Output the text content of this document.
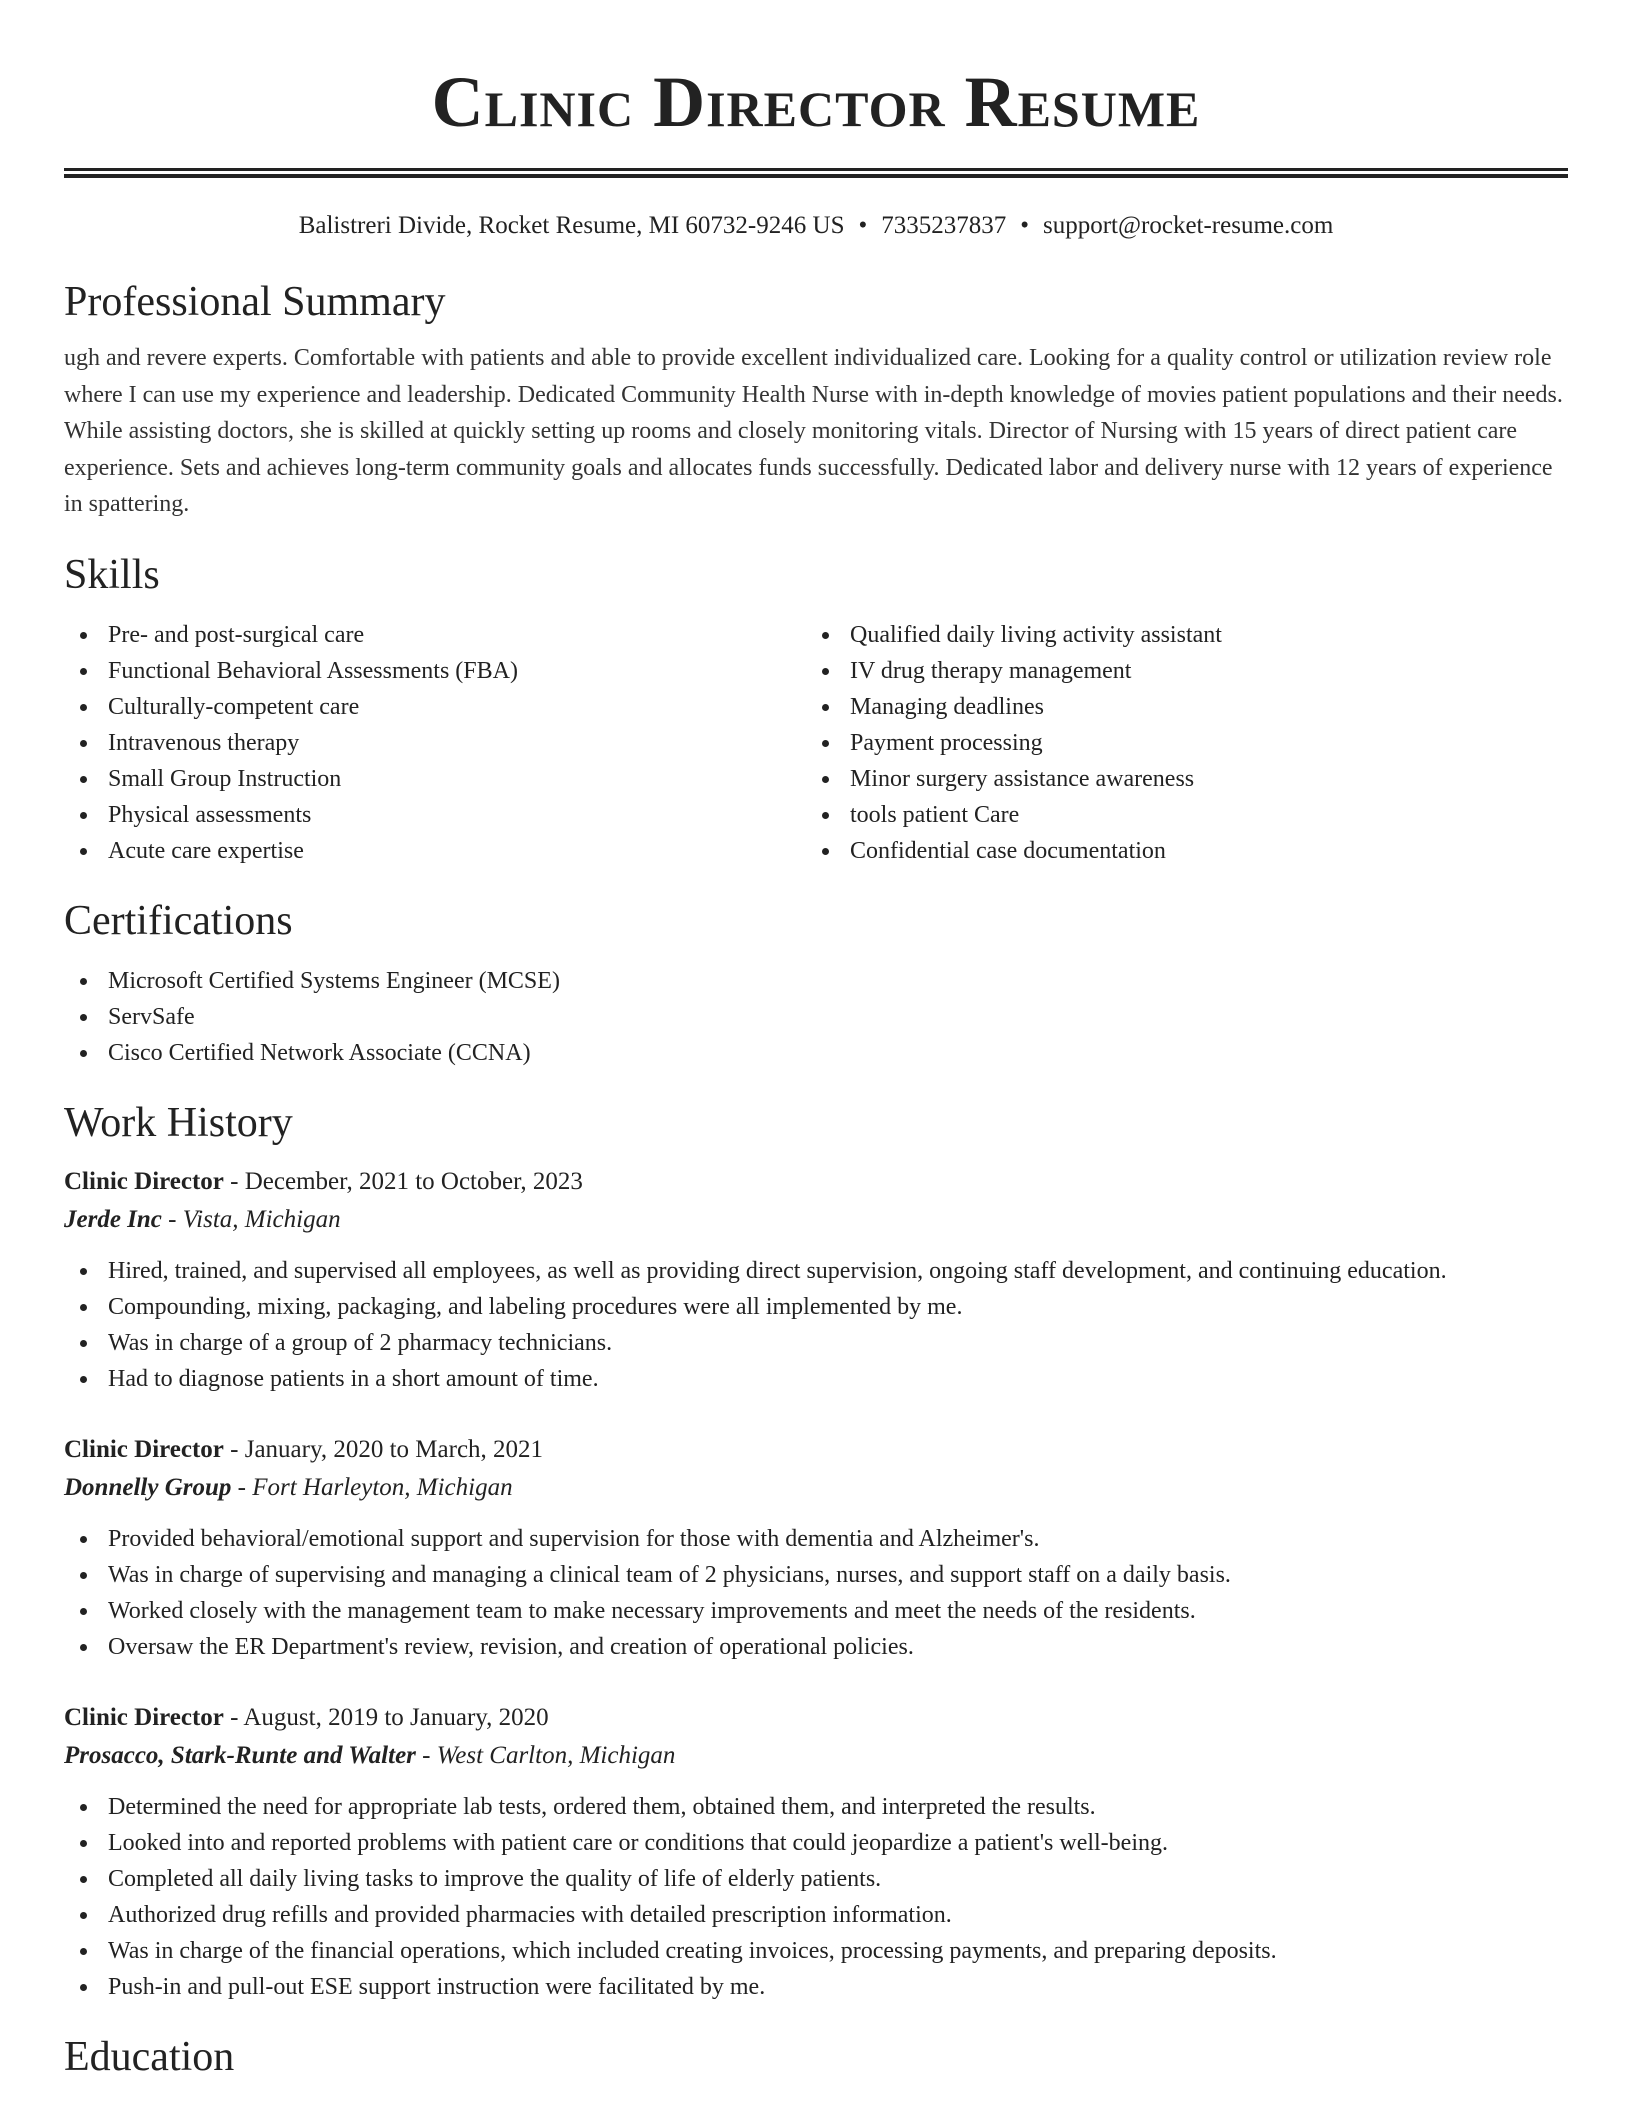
Clinic Director Resume
Balistreri Divide, Rocket Resume, MI 60732-9246 US • 7335237837 • support@rocket-resume.com
Professional Summary

ugh and revere experts. Comfortable with patients and able to provide excellent individualized care. Looking for a quality control or utilization review role where I can use my experience and leadership. Dedicated Community Health Nurse with in-depth knowledge of movies patient populations and their needs. While assisting doctors, she is skilled at quickly setting up rooms and closely monitoring vitals. Director of Nursing with 15 years of direct patient care experience. Sets and achieves long-term community goals and allocates funds successfully. Dedicated labor and delivery nurse with 12 years of experience in spattering.

Skills
Pre- and post-surgical care
Functional Behavioral Assessments (FBA)
Culturally-competent care
Intravenous therapy
Small Group Instruction
Physical assessments
Acute care expertise
Qualified daily living activity assistant
IV drug therapy management
Managing deadlines
Payment processing
Minor surgery assistance awareness
tools patient Care
Confidential case documentation
Certifications
Microsoft Certified Systems Engineer (MCSE)
ServSafe
Cisco Certified Network Associate (CCNA)
Work History
Clinic Director - December, 2021 to October, 2023
Jerde Inc - Vista, Michigan
Hired, trained, and supervised all employees, as well as providing direct supervision, ongoing staff development, and continuing education.
Compounding, mixing, packaging, and labeling procedures were all implemented by me.
Was in charge of a group of 2 pharmacy technicians.
Had to diagnose patients in a short amount of time.
Clinic Director - January, 2020 to March, 2021
Donnelly Group - Fort Harleyton, Michigan
Provided behavioral/emotional support and supervision for those with dementia and Alzheimer's.
Was in charge of supervising and managing a clinical team of 2 physicians, nurses, and support staff on a daily basis.
Worked closely with the management team to make necessary improvements and meet the needs of the residents.
Oversaw the ER Department's review, revision, and creation of operational policies.
Clinic Director - August, 2019 to January, 2020
Prosacco, Stark-Runte and Walter - West Carlton, Michigan
Determined the need for appropriate lab tests, ordered them, obtained them, and interpreted the results.
Looked into and reported problems with patient care or conditions that could jeopardize a patient's well-being.
Completed all daily living tasks to improve the quality of life of elderly patients.
Authorized drug refills and provided pharmacies with detailed prescription information.
Was in charge of the financial operations, which included creating invoices, processing payments, and preparing deposits.
Push-in and pull-out ESE support instruction were facilitated by me.
Education
